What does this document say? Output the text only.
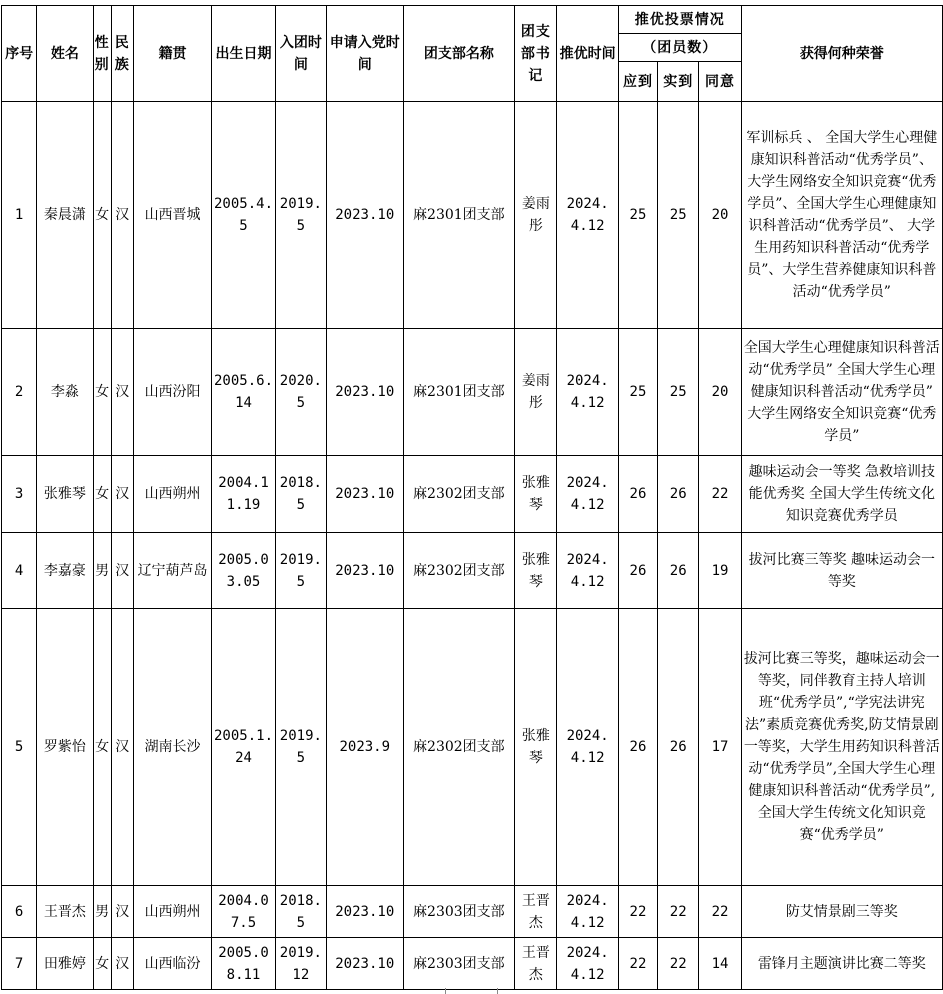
序号	姓名	性别	民族	籍贯	出生日期	入团时间	申请入党时间	团支部名称	团支部书记	推优时间	推优投票情况			获得何种荣誉
											（团员数）			
											应到	实到	同意	
1	秦晨潇	女	汉	山西晋城	2005.4.5	2019.5	2023.10	麻2301团支部	姜雨彤	2024.4.12	25	25	20	军训标兵 、 全国大学生心理健康知识科普活动“优秀学员”、 大学生网络安全知识竞赛“优秀学员”、全国大学生心理健康知识科普活动“优秀学员”、 大学生用药知识科普活动“优秀学员”、大学生营养健康知识科普活动“优秀学员”
2	李淼	女	汉	山西汾阳	2005.6.14	2020.5	2023.10	麻2301团支部	姜雨彤	2024.4.12	25	25	20	全国大学生心理健康知识科普活动“优秀学员” 全国大学生心理健康知识科普活动“优秀学员” 大学生网络安全知识竞赛“优秀学员”
3	张雅琴	女	汉	山西朔州	2004.11.19	2018.5	2023.10	麻2302团支部	张雅琴	2024.4.12	26	26	22	趣味运动会一等奖 急救培训技能优秀奖 全国大学生传统文化知识竞赛优秀学员
4	李嘉豪	男	汉	辽宁葫芦岛	2005.03.05	2019.5	2023.10	麻2302团支部	张雅琴	2024.4.12	26	26	19	拔河比赛三等奖 趣味运动会一等奖
5	罗紫怡	女	汉	湖南长沙	2005.1.24	2019.5	2023.9	麻2302团支部	张雅琴	2024.4.12	26	26	17	拔河比赛三等奖，趣味运动会一等奖，同伴教育主持人培训班“优秀学员”,“学宪法讲宪法”素质竞赛优秀奖,防艾情景剧一等奖，大学生用药知识科普活动“优秀学员”,全国大学生心理健康知识科普活动“优秀学员”,全国大学生传统文化知识竞赛“优秀学员”
6	王晋杰	男	汉	山西朔州	2004.07.5	2018.5	2023.10	麻2303团支部	王晋杰	2024.4.12	22	22	22	防艾情景剧三等奖
7	田雅婷	女	汉	山西临汾	2005.08.11	2019.12	2023.10	麻2303团支部	王晋杰	2024.4.12	22	22	14	雷锋月主题演讲比赛二等奖
